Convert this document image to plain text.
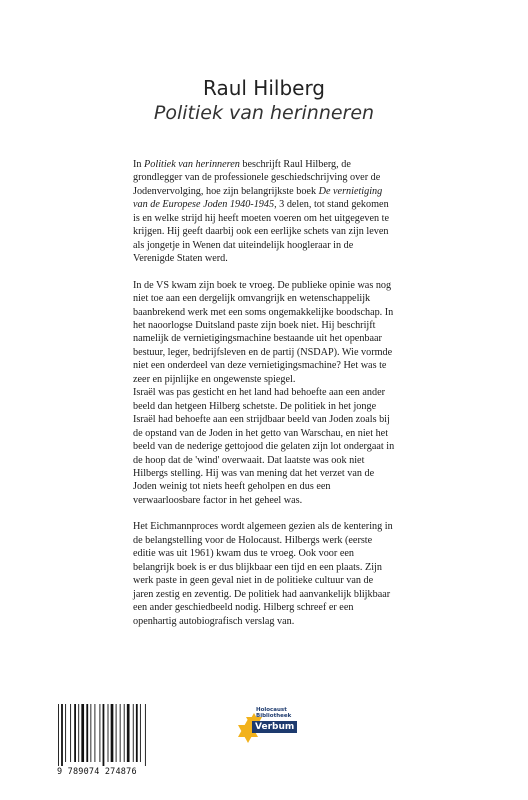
Raul Hilberg
Politiek van herinneren

In Politiek van herinneren beschrijft Raul Hilberg, de grondlegger van de professionele geschiedschrijving over de Jodenvervolging, hoe zijn belangrijkste boek De vernietiging van de Europese Joden 1940-1945, 3 delen, tot stand gekomen is en welke strijd hij heeft moeten voeren om het uitgegeven te krijgen. Hij geeft daarbij ook een eerlijke schets van zijn leven als jongetje in Wenen dat uiteindelijk hoogleraar in de Verenigde Staten werd.

In de VS kwam zijn boek te vroeg. De publieke opinie was nog niet toe aan een dergelijk omvangrijk en wetenschappelijk baanbrekend werk met een soms ongemakkelijke boodschap. In het naoorlogse Duitsland paste zijn boek niet. Hij beschrijft namelijk de vernietigingsmachine bestaande uit het openbaar bestuur, leger, bedrijfsleven en de partij (NSDAP). Wie vormde niet een onderdeel van deze vernietigingsmachine? Het was te zeer en pijnlijke en ongewenste spiegel.

Israël was pas gesticht en het land had behoefte aan een ander beeld dan hetgeen Hilberg schetste. De politiek in het jonge Israël had behoefte aan een strijdbaar beeld van Joden zoals bij de opstand van de Joden in het getto van Warschau, en niet het beeld van de nederige gettojood die gelaten zijn lot ondergaat in de hoop dat de 'wind' overwaait. Dat laatste was ook niet Hilbergs stelling. Hij was van mening dat het verzet van de Joden weinig tot niets heeft geholpen en dus een verwaarloosbare factor in het geheel was.

Het Eichmannproces wordt algemeen gezien als de kentering in de belangstelling voor de Holocaust. Hilbergs werk (eerste editie was uit 1961) kwam dus te vroeg. Ook voor een belangrijk boek is er dus blijkbaar een tijd en een plaats. Zijn werk paste in geen geval niet in de politieke cultuur van de jaren zestig en zeventig. De politiek had aanvankelijk blijkbaar een ander geschiedbeeld nodig. Hilberg schreef er een openhartig autobiografisch verslag van.

9 789074 274876
Holocaust
Bibliotheek
Verbum
